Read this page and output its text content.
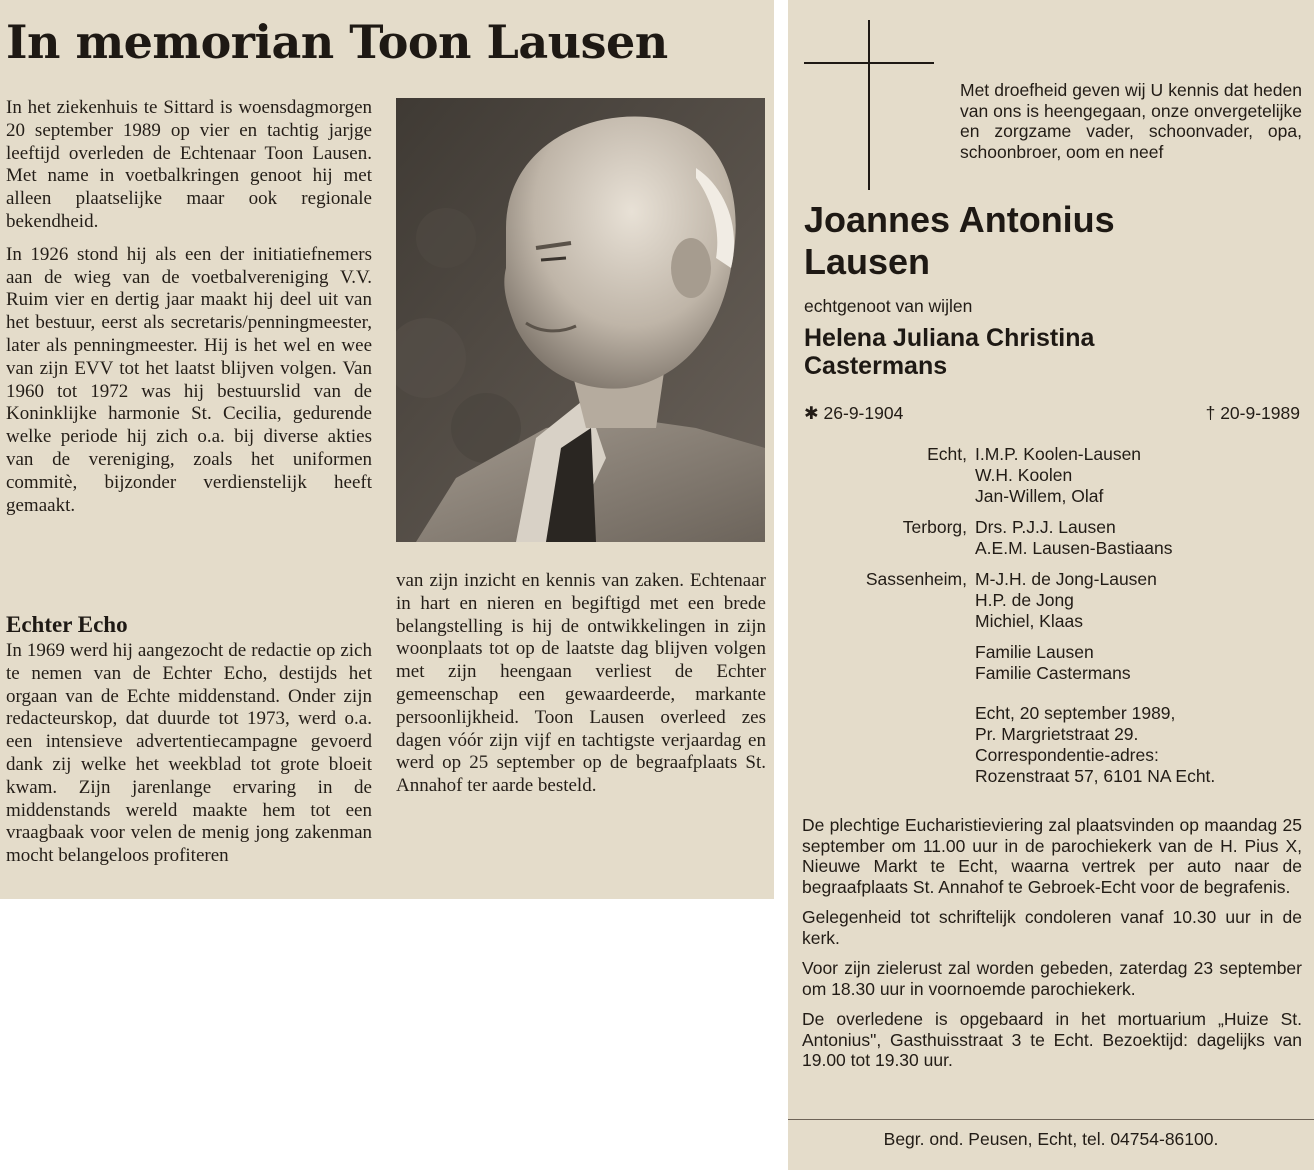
In memorian Toon Lausen

In het ziekenhuis te Sittard is woensdagmorgen 20 september 1989 op vier en tachtig jarjge leeftijd overleden de Echtenaar Toon Lausen. Met name in voetbalkringen genoot hij met alleen plaatselijke maar ook regionale bekendheid.

In 1926 stond hij als een der initiatiefnemers aan de wieg van de voetbalvereniging V.V. Ruim vier en dertig jaar maakt hij deel uit van het bestuur, eerst als secretaris/penningmeester, later als penningmeester. Hij is het wel en wee van zijn EVV tot het laatst blijven volgen. Van 1960 tot 1972 was hij bestuurslid van de Koninklijke harmonie St. Cecilia, gedurende welke periode hij zich o.a. bij diverse akties van de vereniging, zoals het uniformen commitè, bijzonder verdienstelijk heeft gemaakt.

Echter Echo

In 1969 werd hij aangezocht de redactie op zich te nemen van de Echter Echo, destijds het orgaan van de Echte middenstand. Onder zijn redacteurskop, dat duurde tot 1973, werd o.a. een intensieve advertentiecampagne gevoerd dank zij welke het weekblad tot grote bloeit kwam. Zijn jarenlange ervaring in de middenstands wereld maakte hem tot een vraagbaak voor velen de menig jong zakenman mocht belangeloos profiteren

van zijn inzicht en kennis van zaken. Echtenaar in hart en nieren en begiftigd met een brede belangstelling is hij de ontwikkelingen in zijn woonplaats tot op de laatste dag blijven volgen met zijn heengaan verliest de Echter gemeenschap een gewaardeerde, markante persoonlijkheid. Toon Lausen overleed zes dagen vóór zijn vijf en tachtigste verjaardag en werd op 25 september op de begraafplaats St. Annahof ter aarde besteld.

Met droefheid geven wij U kennis dat heden van ons is heengegaan, onze onvergetelijke en zorgzame vader, schoonvader, opa, schoonbroer, oom en neef

Joannes Antonius
Lausen
echtgenoot van wijlen
Helena Juliana Christina
Castermans
✱ 26-9-1904	† 20-9-1989
Echt, I.M.P. Koolen-Lausen
W.H. Koolen
Jan-Willem, Olaf
Terborg, Drs. P.J.J. Lausen
A.E.M. Lausen-Bastiaans
Sassenheim, M-J.H. de Jong-Lausen
H.P. de Jong
Michiel, Klaas
Familie Lausen
Familie Castermans
Echt, 20 september 1989,
Pr. Margrietstraat 29.
Correspondentie-adres:
Rozenstraat 57, 6101 NA Echt.

De plechtige Eucharistieviering zal plaatsvinden op maandag 25 september om 11.00 uur in de parochiekerk van de H. Pius X, Nieuwe Markt te Echt, waarna vertrek per auto naar de begraafplaats St. Annahof te Gebroek-Echt voor de begrafenis.

Gelegenheid tot schriftelijk condoleren vanaf 10.30 uur in de kerk.

Voor zijn zielerust zal worden gebeden, zaterdag 23 september om 18.30 uur in voornoemde parochiekerk.

De overledene is opgebaard in het mortuarium „Huize St. Antonius", Gasthuisstraat 3 te Echt. Bezoektijd: dagelijks van 19.00 tot 19.30 uur.

Begr. ond. Peusen, Echt, tel. 04754-86100.
